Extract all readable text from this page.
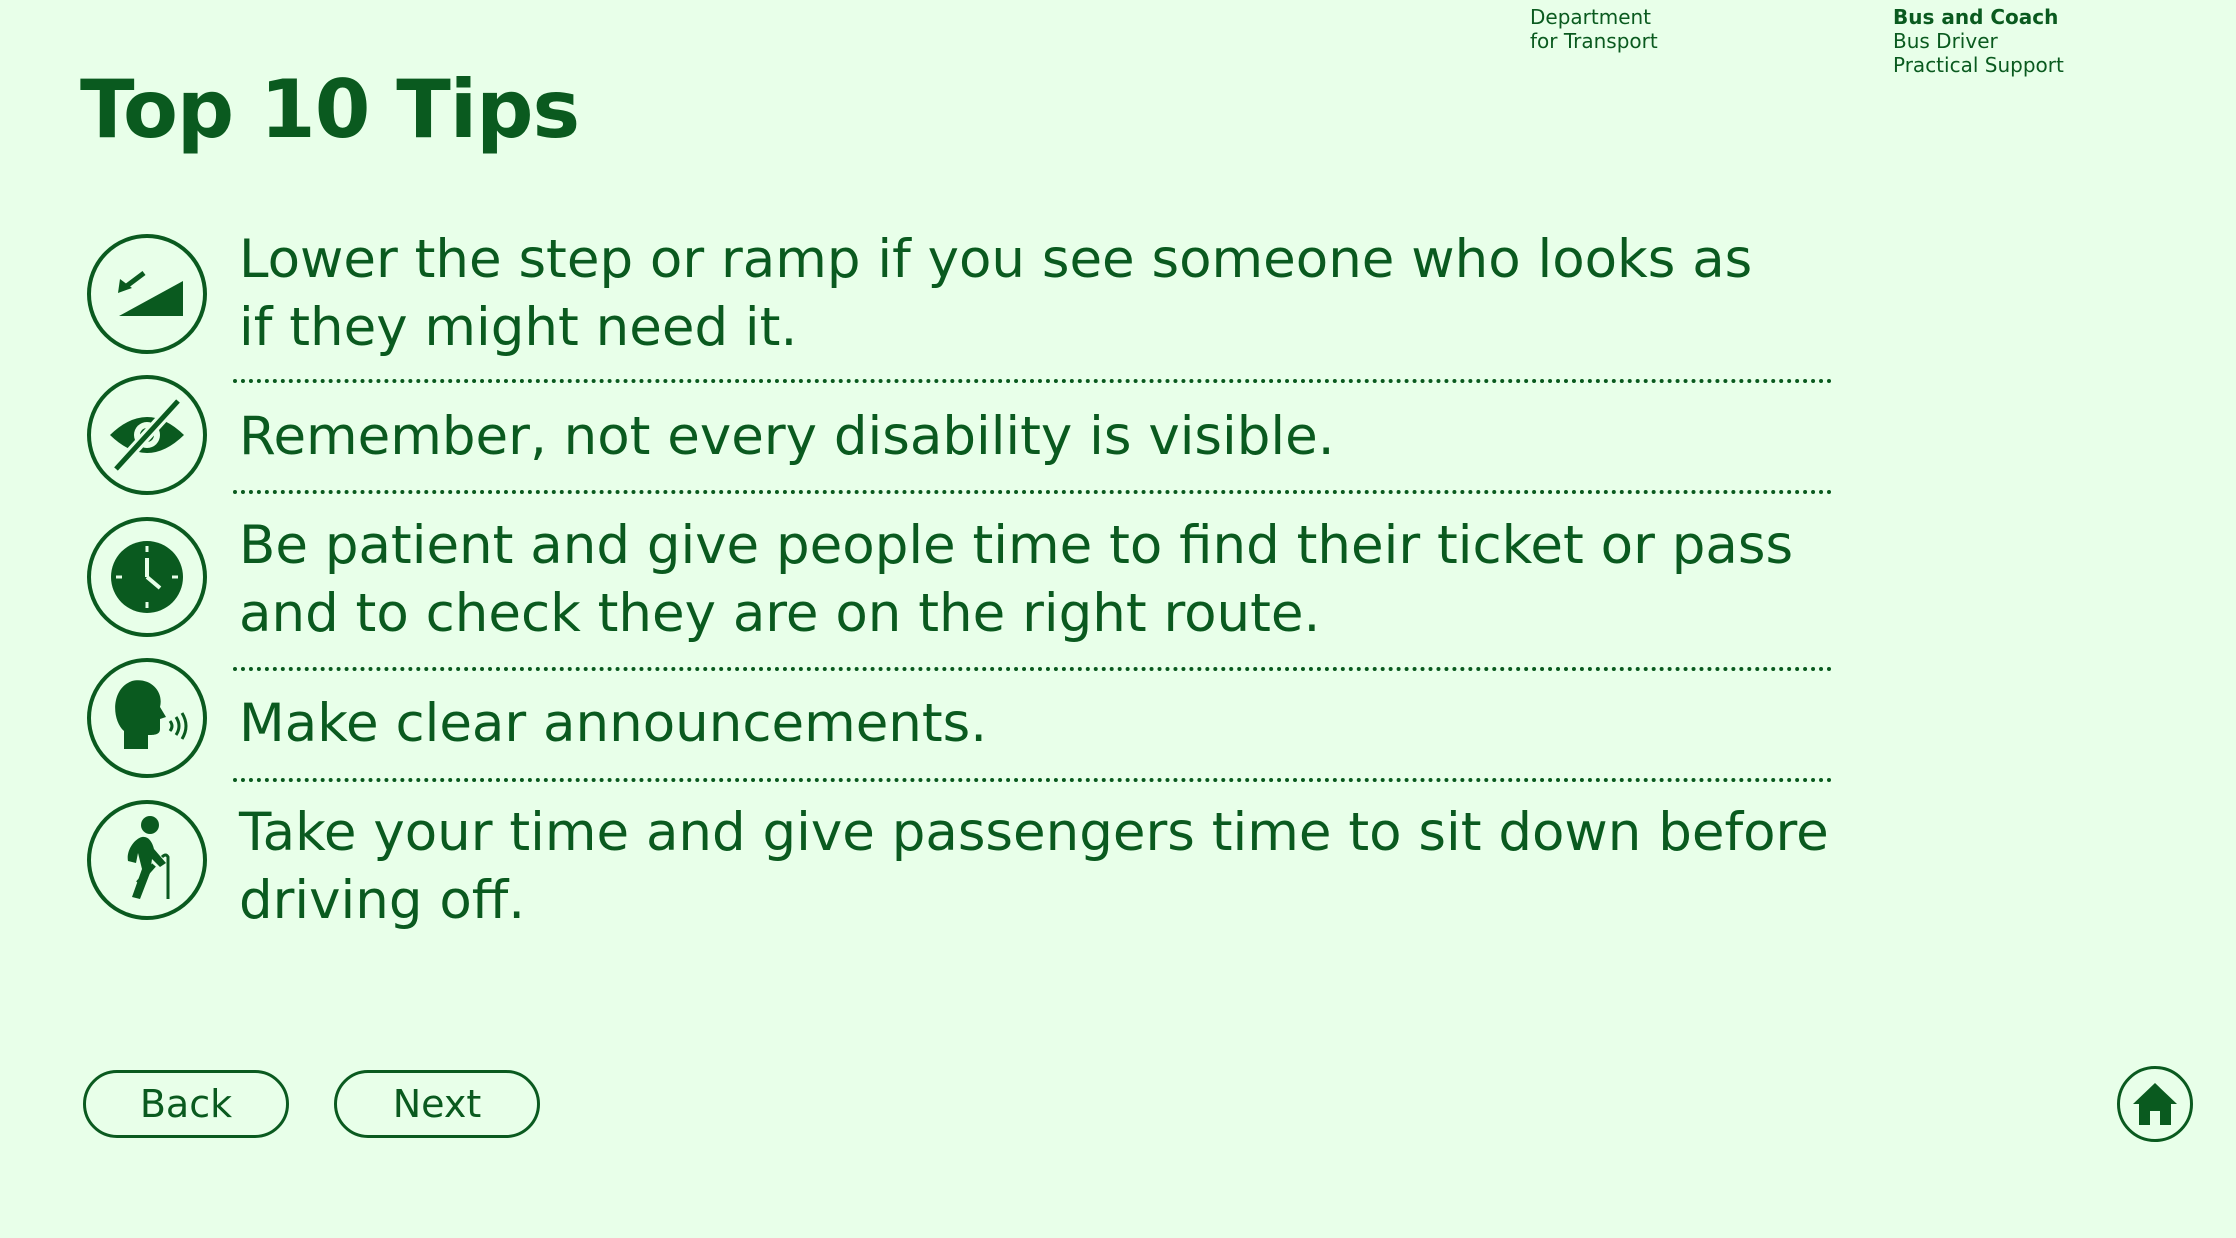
Department
for Transport
Bus and Coach
Bus Driver
Practical Support
Top 10 Tips
Lower the step or ramp if you see someone who looks as
if they might need it.
Remember, not every disability is visible.
Be patient and give people time to find their ticket or pass
and to check they are on the right route.
Make clear announcements.
Take your time and give passengers time to sit down before
driving off.
Back	Next
